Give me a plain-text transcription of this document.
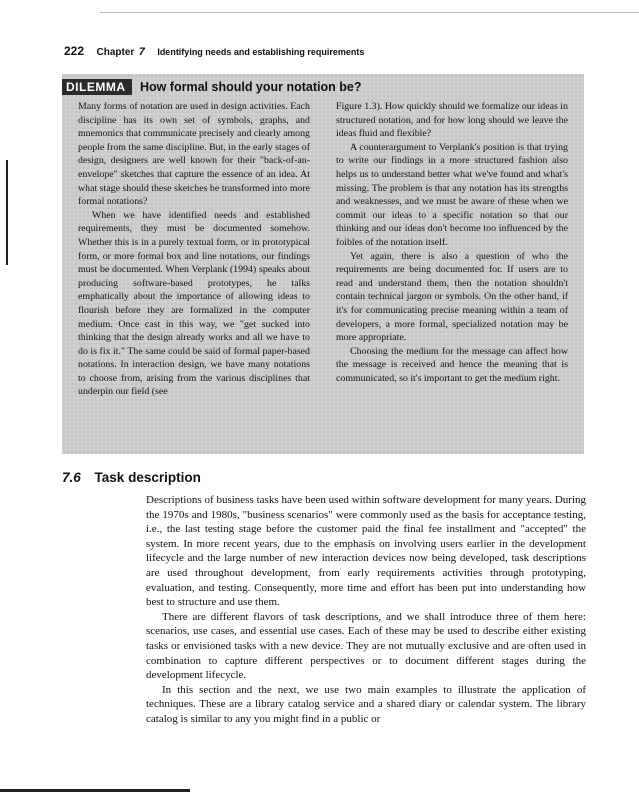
222 Chapter 7 Identifying needs and establishing requirements
DILEMMA How formal should your notation be?

Many forms of notation are used in design activities. Each discipline has its own set of symbols, graphs, and mnemonics that communicate precisely and clearly among people from the same discipline. But, in the early stages of design, designers are well known for their "back-of-an-envelope" sketches that capture the essence of an idea. At what stage should these sketches be transformed into more formal notations?

When we have identified needs and established requirements, they must be documented somehow. Whether this is in a purely textual form, or in prototypical form, or more formal box and line notations, our findings must be documented. When Verplank (1994) speaks about producing software-based prototypes, he talks emphatically about the importance of allowing ideas to flourish before they are formalized in the computer medium. Once cast in this way, we "get sucked into thinking that the design already works and all we have to do is fix it." The same could be said of formal paper-based notations. In interaction design, we have many notations to choose from, arising from the various disciplines that underpin our field (see

Figure 1.3). How quickly should we formalize our ideas in structured notation, and for how long should we leave the ideas fluid and flexible?

A counterargument to Verplank's position is that trying to write our findings in a more structured fashion also helps us to understand better what we've found and what's missing. The problem is that any notation has its strengths and weaknesses, and we must be aware of these when we commit our ideas to a specific notation so that our thinking and our ideas don't become too influenced by the foibles of the notation itself.

Yet again, there is also a question of who the requirements are being documented for. If users are to read and understand them, then the notation shouldn't contain technical jargon or symbols. On the other hand, if it's for communicating precise meaning within a team of developers, a more formal, specialized notation may be more appropriate.

Choosing the medium for the message can affect how the message is received and hence the meaning that is communicated, so it's important to get the medium right.

7.6 Task description

Descriptions of business tasks have been used within software development for many years. During the 1970s and 1980s, "business scenarios" were commonly used as the basis for acceptance testing, i.e., the last testing stage before the customer paid the final fee installment and "accepted" the system. In more recent years, due to the emphasis on involving users earlier in the development lifecycle and the large number of new interaction devices now being developed, task descriptions are used throughout development, from early requirements activities through prototyping, evaluation, and testing. Consequently, more time and effort has been put into understanding how best to structure and use them.

There are different flavors of task descriptions, and we shall introduce three of them here: scenarios, use cases, and essential use cases. Each of these may be used to describe either existing tasks or envisioned tasks with a new device. They are not mutually exclusive and are often used in combination to capture different perspectives or to document different stages during the development lifecycle.

In this section and the next, we use two main examples to illustrate the application of techniques. These are a library catalog service and a shared diary or calendar system. The library catalog is similar to any you might find in a public or
